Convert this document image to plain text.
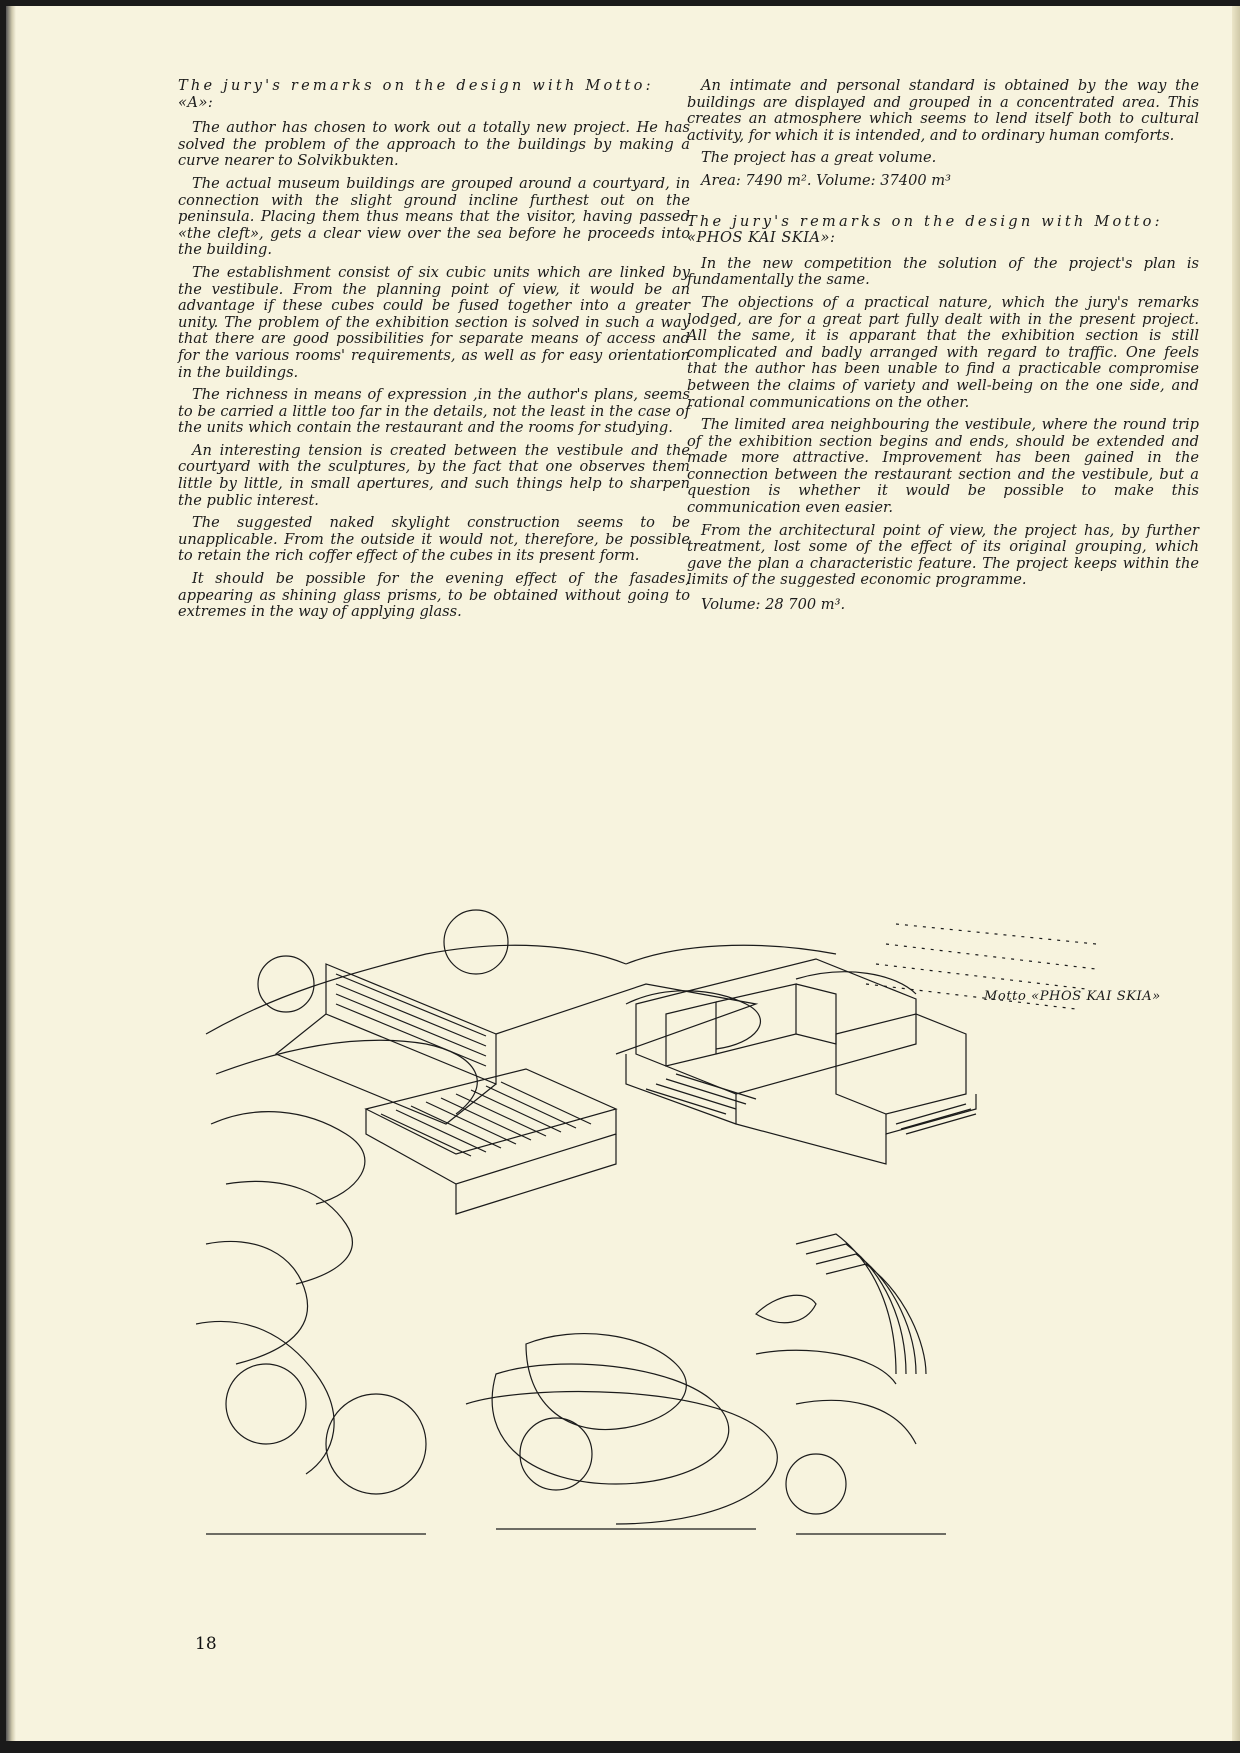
The jury's remarks on the design with Motto:
«A»:

The author has chosen to work out a totally new project. He has solved the problem of the approach to the buildings by making a curve nearer to Solvikbukten.

The actual museum buildings are grouped around a courtyard, in connection with the slight ground incline furthest out on the peninsula. Placing them thus means that the visitor, having passed «the cleft», gets a clear view over the sea before he proceeds into the building.

The establishment consist of six cubic units which are linked by the vestibule. From the planning point of view, it would be an advantage if these cubes could be fused together into a greater unity. The problem of the exhibition section is solved in such a way that there are good possibilities for separate means of access and for the various rooms' requirements, as well as for easy orientation in the buildings.

The richness in means of expression ,in the author's plans, seems to be carried a little too far in the details, not the least in the case of the units which contain the restaurant and the rooms for studying.

An interesting tension is created between the vestibule and the courtyard with the sculptures, by the fact that one observes them little by little, in small apertures, and such things help to sharpen the public interest.

The suggested naked skylight construction seems to be unapplicable. From the outside it would not, therefore, be possible to retain the rich coffer effect of the cubes in its present form.

It should be possible for the evening effect of the fasades, appearing as shining glass prisms, to be obtained without going to extremes in the way of applying glass.

An intimate and personal standard is obtained by the way the buildings are displayed and grouped in a concentrated area. This creates an atmosphere which seems to lend itself both to cultural activity, for which it is intended, and to ordinary human comforts.

The project has a great volume.

Area: 7490 m². Volume: 37400 m³

The jury's remarks on the design with Motto:
«PHOS KAI SKIA»:

In the new competition the solution of the project's plan is fundamentally the same.

The objections of a practical nature, which the jury's remarks lodged, are for a great part fully dealt with in the present project. All the same, it is apparant that the exhibition section is still complicated and badly arranged with regard to traffic. One feels that the author has been unable to find a practicable compromise between the claims of variety and well-being on the one side, and rational communications on the other.

The limited area neighbouring the vestibule, where the round trip of the exhibition section begins and ends, should be extended and made more attractive. Improvement has been gained in the connection between the restaurant section and the vestibule, but a question is whether it would be possible to make this communication even easier.

From the architectural point of view, the project has, by further treatment, lost some of the effect of its original grouping, which gave the plan a characteristic feature. The project keeps within the limits of the suggested economic programme.

Volume: 28 700 m³.

Motto «PHOS KAI SKIA»
18
